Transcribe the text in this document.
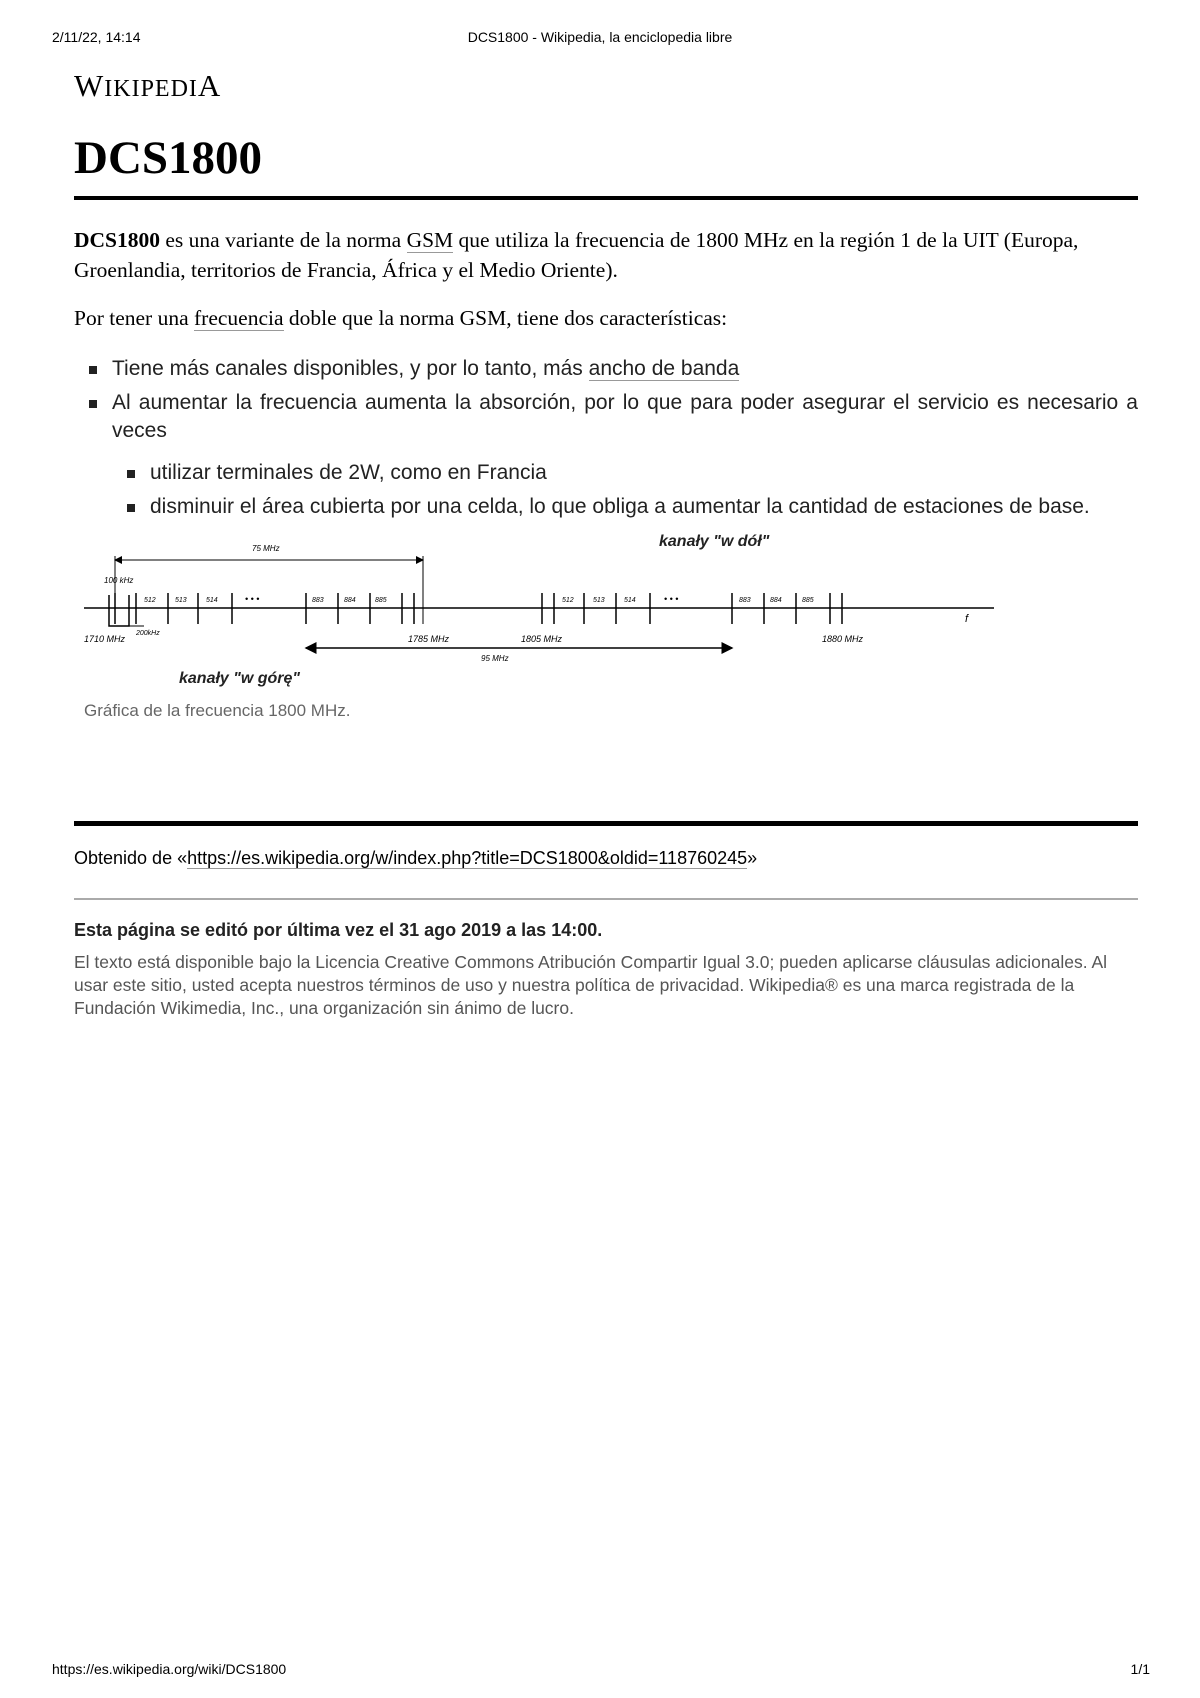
2/11/22, 14:14	DCS1800 - Wikipedia, la enciclopedia libre
WIKIPEDIA
DCS1800

DCS1800 es una variante de la norma GSM que utiliza la frecuencia de 1800 MHz en la región 1 de la UIT (Europa, Groenlandia, territorios de Francia, África y el Medio Oriente).

Por tener una frecuencia doble que la norma GSM, tiene dos características:

Tiene más canales disponibles, y por lo tanto, más ancho de banda
Al aumentar la frecuencia aumenta la absorción, por lo que para poder asegurar el servicio es necesario a veces
utilizar terminales de 2W, como en Francia
disminuir el área cubierta por una celda, lo que obliga a aumentar la cantidad de estaciones de base.
75 MHz
95 MHz
100 kHz
200kHz
512	513	514	• • •	883	884	885	512	513	514	• • •	883	884	885
1710 MHz	1785 MHz	1805 MHz	1880 MHz
f
kanały "w dół"
kanały "w górę"
Gráfica de la frecuencia 1800 MHz.
Obtenido de «https://es.wikipedia.org/w/index.php?title=DCS1800&oldid=118760245»
Esta página se editó por última vez el 31 ago 2019 a las 14:00.
El texto está disponible bajo la Licencia Creative Commons Atribución Compartir Igual 3.0; pueden aplicarse cláusulas adicionales. Al usar este sitio, usted acepta nuestros términos de uso y nuestra política de privacidad. Wikipedia® es una marca registrada de la Fundación Wikimedia, Inc., una organización sin ánimo de lucro.
https://es.wikipedia.org/wiki/DCS1800	1/1
